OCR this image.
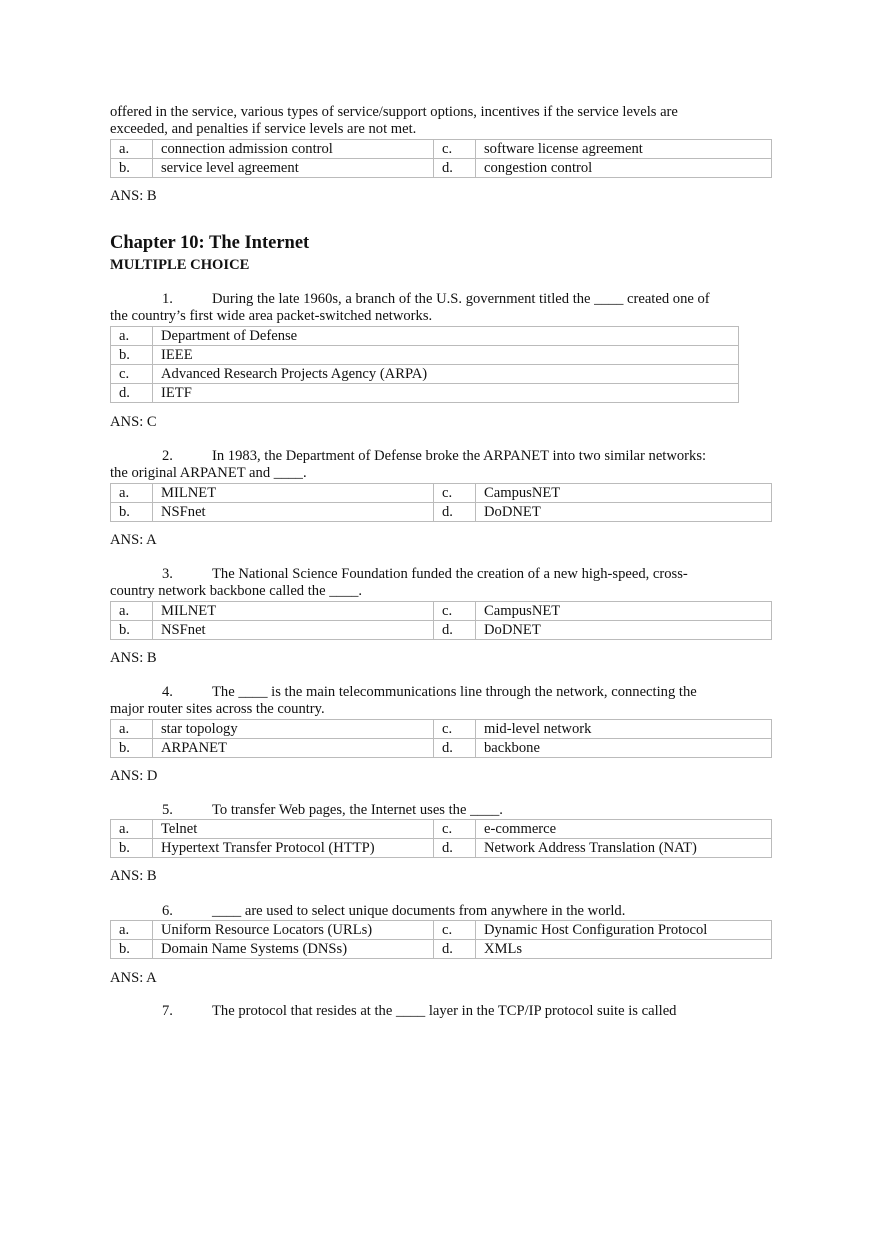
offered in the service, various types of service/support options, incentives if the service levels are
exceeded, and penalties if service levels are not met.
a.	connection admission control	c.	software license agreement
b.	service level agreement	d.	congestion control
ANS: B
Chapter 10: The Internet
MULTIPLE CHOICE
1.	During the late 1960s, a branch of the U.S. government titled the ____ created one of
the country’s first wide area packet-switched networks.
a.	Department of Defense
b.	IEEE
c.	Advanced Research Projects Agency (ARPA)
d.	IETF
ANS: C
2.	In 1983, the Department of Defense broke the ARPANET into two similar networks:
the original ARPANET and ____.
a.	MILNET	c.	CampusNET
b.	NSFnet	d.	DoDNET
ANS: A
3.	The National Science Foundation funded the creation of a new high-speed, cross-
country network backbone called the ____.
a.	MILNET	c.	CampusNET
b.	NSFnet	d.	DoDNET
ANS: B
4.	The ____ is the main telecommunications line through the network, connecting the
major router sites across the country.
a.	star topology	c.	mid-level network
b.	ARPANET	d.	backbone
ANS: D
5.	To transfer Web pages, the Internet uses the ____.
a.	Telnet	c.	e-commerce
b.	Hypertext Transfer Protocol (HTTP)	d.	Network Address Translation (NAT)
ANS: B
6.	____ are used to select unique documents from anywhere in the world.
a.	Uniform Resource Locators (URLs)	c.	Dynamic Host Configuration Protocol
b.	Domain Name Systems (DNSs)	d.	XMLs
ANS: A
7.	The protocol that resides at the ____ layer in the TCP/IP protocol suite is called
